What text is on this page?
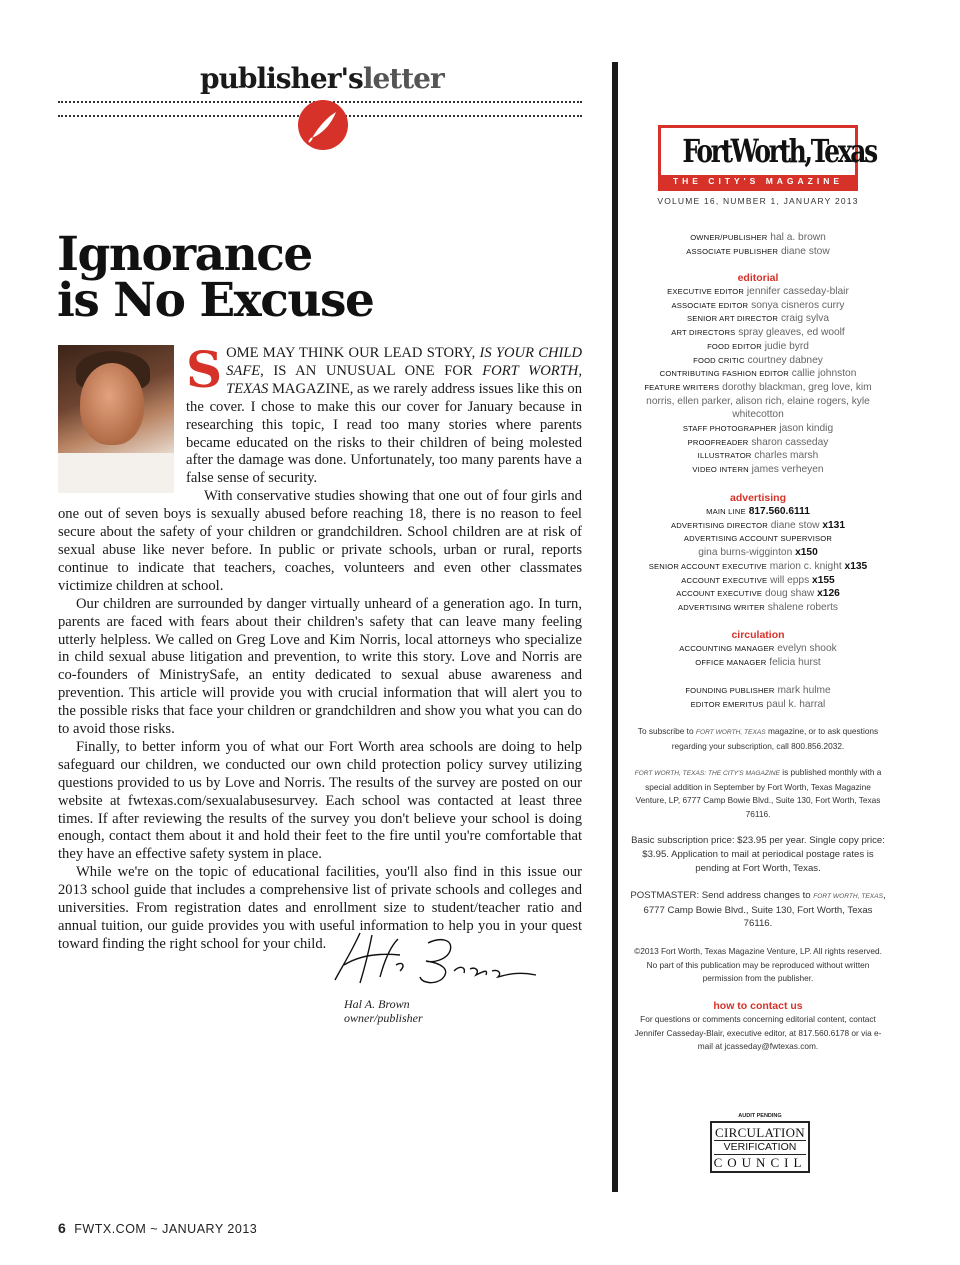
publisher'sletter
Ignorance
is No Excuse

SOME MAY THINK OUR LEAD STORY, IS YOUR CHILD SAFE, IS AN UNUSUAL ONE FOR FORT WORTH, TEXAS MAGAZINE, as we rarely address issues like this on the cover. I chose to make this our cover for January because in researching this topic, I read too many stories where parents became educated on the risks to their children of being molested after the damage was done. Unfortunately, too many parents have a false sense of security.

With conservative studies showing that one out of four girls and one out of seven boys is sexually abused before reaching 18, there is no reason to feel secure about the safety of your children or grandchildren. School children are at risk of sexual abuse like never before. In public or private schools, urban or rural, reports continue to indicate that teachers, coaches, volunteers and even other classmates victimize children at school.

Our children are surrounded by danger virtually unheard of a generation ago. In turn, parents are faced with fears about their children's safety that can leave many feeling utterly helpless. We called on Greg Love and Kim Norris, local attorneys who specialize in child sexual abuse litigation and prevention, to write this story. Love and Norris are co-founders of MinistrySafe, an entity dedicated to sexual abuse awareness and prevention. This article will provide you with crucial information that will alert you to the possible risks that face your children or grandchildren and show you what you can do to avoid those risks.

Finally, to better inform you of what our Fort Worth area schools are doing to help safeguard our children, we conducted our own child protection policy survey utilizing questions provided to us by Love and Norris. The results of the survey are posted on our website at fwtexas.com/sexualabusesurvey. Each school was contacted at least three times. If after reviewing the results of the survey you don't believe your school is doing enough, contact them about it and hold their feet to the fire until you're comfortable that they have an effective safety system in place.

While we're on the topic of educational facilities, you'll also find in this issue our 2013 school guide that includes a comprehensive list of private schools and colleges and universities. From registration dates and enrollment size to student/teacher ratio and annual tuition, our guide provides you with useful information to help you in your quest toward finding the right school for your child.

Hal A. Brown
owner/publisher
6 FWTX.COM ~ JANUARY 2013
FortWorth,Texas
THE CITY'S MAGAZINE
VOLUME 16, NUMBER 1, JANUARY 2013
OWNER/PUBLISHER hal a. brown
ASSOCIATE PUBLISHER diane stow
editorial
EXECUTIVE EDITOR jennifer casseday-blair
ASSOCIATE EDITOR sonya cisneros curry
SENIOR ART DIRECTOR craig sylva
ART DIRECTORS spray gleaves, ed woolf
FOOD EDITOR judie byrd
FOOD CRITIC courtney dabney
CONTRIBUTING FASHION EDITOR callie johnston
FEATURE WRITERS dorothy blackman, greg love, kim norris, ellen parker, alison rich, elaine rogers, kyle whitecotton
STAFF PHOTOGRAPHER jason kindig
PROOFREADER sharon casseday
ILLUSTRATOR charles marsh
VIDEO INTERN james verheyen
advertising
MAIN LINE 817.560.6111
ADVERTISING DIRECTOR diane stow x131
ADVERTISING ACCOUNT SUPERVISOR
gina burns-wigginton x150
SENIOR ACCOUNT EXECUTIVE marion c. knight x135
ACCOUNT EXECUTIVE will epps x155
ACCOUNT EXECUTIVE doug shaw x126
ADVERTISING WRITER shalene roberts
circulation
ACCOUNTING MANAGER evelyn shook
OFFICE MANAGER felicia hurst
FOUNDING PUBLISHER mark hulme
EDITOR EMERITUS paul k. harral
To subscribe to FORT WORTH, TEXAS magazine, or to ask questions regarding your subscription, call 800.856.2032.
FORT WORTH, TEXAS: THE CITY'S MAGAZINE is published monthly with a special addition in September by Fort Worth, Texas Magazine Venture, LP, 6777 Camp Bowie Blvd., Suite 130, Fort Worth, Texas 76116.
Basic subscription price: $23.95 per year. Single copy price: $3.95. Application to mail at periodical postage rates is pending at Fort Worth, Texas.
POSTMASTER: Send address changes to FORT WORTH, TEXAS, 6777 Camp Bowie Blvd., Suite 130, Fort Worth, Texas 76116.
©2013 Fort Worth, Texas Magazine Venture, LP. All rights reserved. No part of this publication may be reproduced without written permission from the publisher.
how to contact us
For questions or comments concerning editorial content, contact Jennifer Casseday-Blair, executive editor, at 817.560.6178 or via e-mail at jcasseday@fwtexas.com.
AUDIT PENDING
CIRCULATION
VERIFICATION
COUNCIL
